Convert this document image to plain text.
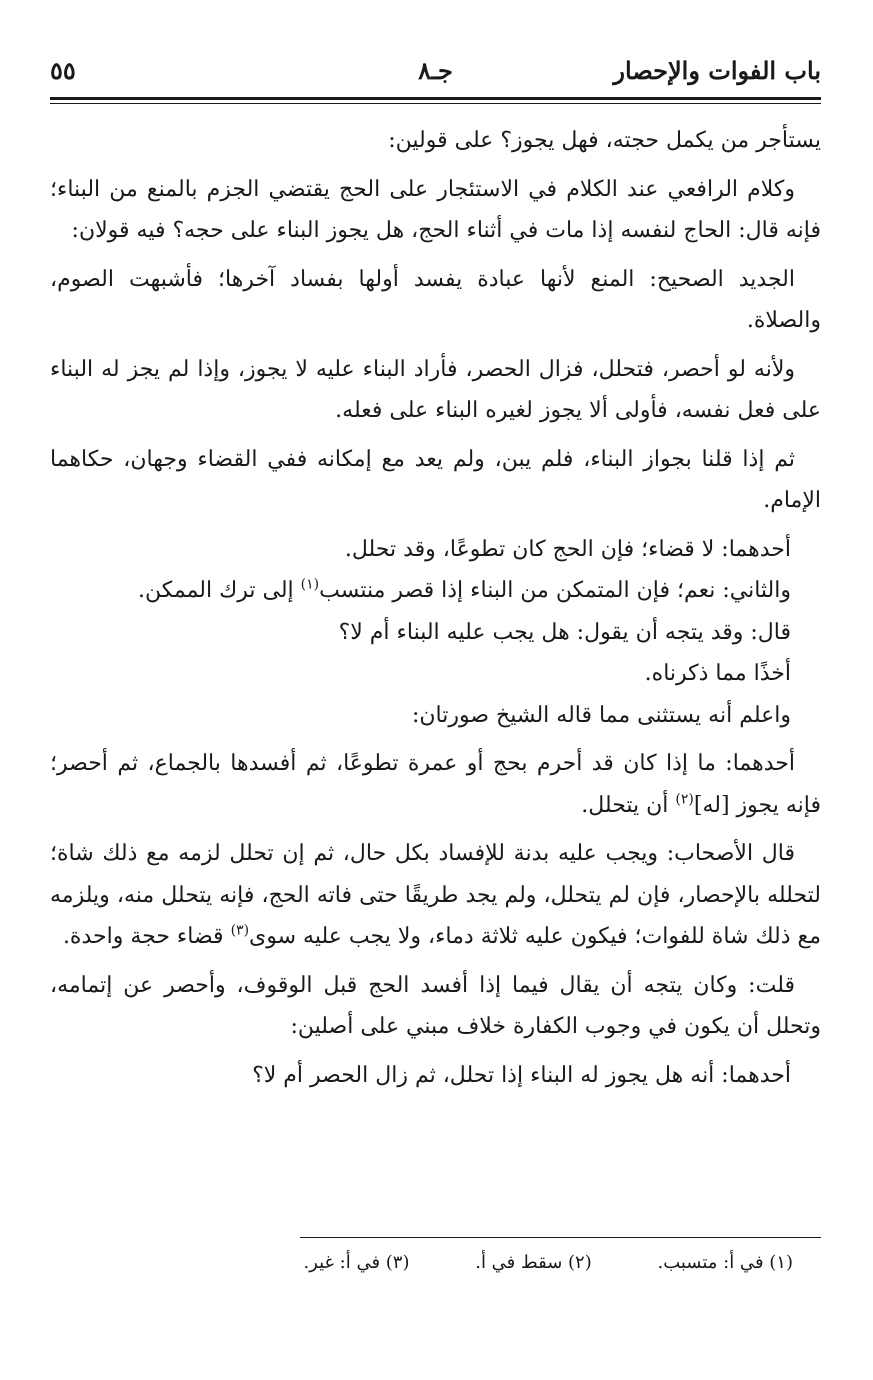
باب الفوات والإحصار
جـ٨
٥٥

يستأجر من يكمل حجته، فهل يجوز؟ على قولين:

وكلام الرافعي عند الكلام في الاستئجار على الحج يقتضي الجزم بالمنع من البناء؛ فإنه قال: الحاج لنفسه إذا مات في أثناء الحج، هل يجوز البناء على حجه؟ فيه قولان:

الجديد الصحيح: المنع لأنها عبادة يفسد أولها بفساد آخرها؛ فأشبهت الصوم، والصلاة.

ولأنه لو أحصر، فتحلل، فزال الحصر، فأراد البناء عليه لا يجوز، وإذا لم يجز له البناء على فعل نفسه، فأولى ألا يجوز لغيره البناء على فعله.

ثم إذا قلنا بجواز البناء، فلم يبن، ولم يعد مع إمكانه ففي القضاء وجهان، حكاهما الإمام.

أحدهما: لا قضاء؛ فإن الحج كان تطوعًا، وقد تحلل.

والثاني: نعم؛ فإن المتمكن من البناء إذا قصر منتسب$^{(١)}$ إلى ترك الممكن.

قال: وقد يتجه أن يقول: هل يجب عليه البناء أم لا؟

أخذًا مما ذكرناه.

واعلم أنه يستثنى مما قاله الشيخ صورتان:

أحدهما: ما إذا كان قد أحرم بحج أو عمرة تطوعًا، ثم أفسدها بالجماع، ثم أحصر؛ فإنه يجوز [له]$^{(٢)}$ أن يتحلل.

قال الأصحاب: ويجب عليه بدنة للإفساد بكل حال، ثم إن تحلل لزمه مع ذلك شاة؛ لتحلله بالإحصار، فإن لم يتحلل، ولم يجد طريقًا حتى فاته الحج، فإنه يتحلل منه، ويلزمه مع ذلك شاة للفوات؛ فيكون عليه ثلاثة دماء، ولا يجب عليه سوى$^{(٣)}$ قضاء حجة واحدة.

قلت: وكان يتجه أن يقال فيما إذا أفسد الحج قبل الوقوف، وأحصر عن إتمامه، وتحلل أن يكون في وجوب الكفارة خلاف مبني على أصلين:

أحدهما: أنه هل يجوز له البناء إذا تحلل، ثم زال الحصر أم لا؟

(١) في أ: متسبب. (٢) سقط في أ. (٣) في أ: غير.
